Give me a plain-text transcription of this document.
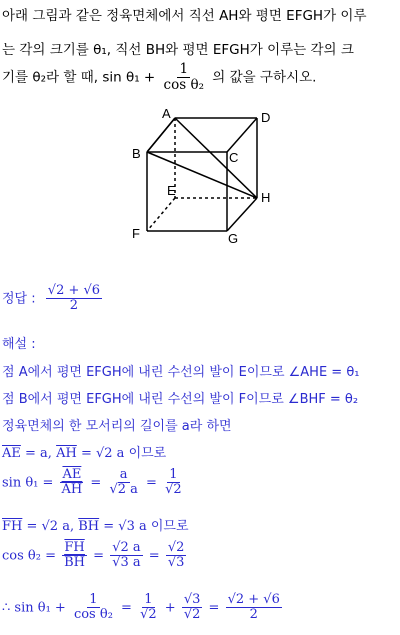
아래 그림과 같은 정육면체에서 직선 AH와 평면 EFGH가 이루
는 각의 크기를 θ₁, 직선 BH와 평면 EFGH가 이루는 각의 크
기를 θ₂라 할 때, $\sin \theta_1 + \frac{1}{\text{cos θ₂}}$ 의 값을 구하시오.
A	D
B	C
E	H
F	G
정답 : $\frac{√2 + √6}{2}$
해설 :
점 A에서 평면 EFGH에 내린 수선의 발이 E이므로 ∠AHE = θ₁
점 B에서 평면 EFGH에 내린 수선의 발이 F이므로 ∠BHF = θ₂
정육면체의 한 모서리의 길이를 a라 하면
$\overline{AE} = a$, $\overline{AH} = √2$ a 이므로
$\sin \theta_1 = \frac{\overline{AE}}{AH} = \frac{a}{√2 a} = \frac{1}{√2}$
$\overline{FH} = √2$ a, $\overline{BH} = √3$ a 이므로
$\cos \theta_2 = \frac{\overline{FH}}{BH} = \frac{√2 a}{√3 a} = \frac{√2}{√3}$
∴ $\sin \theta_1 + \frac{1}{\text{cos θ₂}} = \frac{1}{√2} + \frac{√3}{√2} = \frac{√2 + √6}{2}$
